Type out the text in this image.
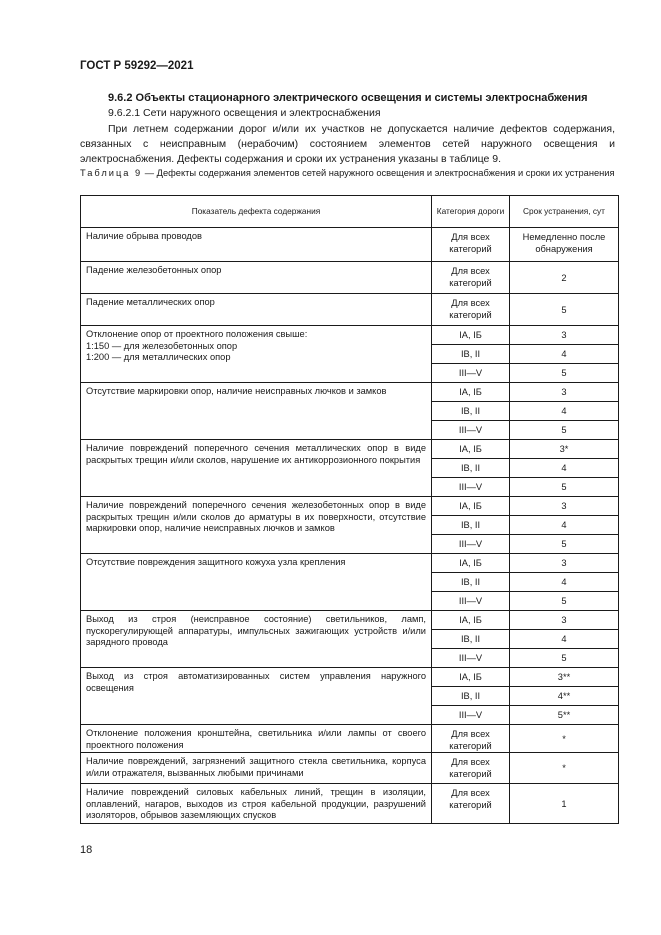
ГОСТ Р 59292—2021
9.6.2 Объекты стационарного электрического освещения и системы электроснабжения
9.6.2.1 Сети наружного освещения и электроснабжения

При летнем содержании дорог и/или их участков не допускается наличие дефектов содержания, связанных с неисправным (нерабочим) состоянием элементов сетей наружного освещения и электроснабжения. Дефекты содержания и сроки их устранения указаны в таблице 9.

Таблица 9 — Дефекты содержания элементов сетей наружного освещения и электроснабжения и сроки их устранения

Показатель дефекта содержания	Категория дороги	Срок устранения, сут
Наличие обрыва проводов	Для всех категорий	Немедленно после обнаружения
Падение железобетонных опор	Для всех категорий	2
Падение металлических опор	Для всех категорий	5
Отклонение опор от проектного положения свыше:
1:150 — для железобетонных опор
1:200 — для металлических опор	IA, IБ	3
	IB, II	4
	III—V	5
Отсутствие маркировки опор, наличие неисправных лючков и замков	IA, IБ	3
	IB, II	4
	III—V	5
Наличие повреждений поперечного сечения металлических опор в виде раскрытых трещин и/или сколов, нарушение их антикоррозионного покрытия	IA, IБ	3*
	IB, II	4
	III—V	5
Наличие повреждений поперечного сечения железобетонных опор в виде раскрытых трещин и/или сколов до арматуры в их поверхности, отсутствие маркировки опор, наличие неисправных лючков и замков	IA, IБ	3
	IB, II	4
	III—V	5
Отсутствие повреждения защитного кожуха узла крепления	IA, IБ	3
	IB, II	4
	III—V	5
Выход из строя (неисправное состояние) светильников, ламп, пускорегулирующей аппаратуры, импульсных зажигающих устройств и/или зарядного провода	IA, IБ	3
	IB, II	4
	III—V	5
Выход из строя автоматизированных систем управления наружного освещения	IA, IБ	3**
	IB, II	4**
	III—V	5**
Отклонение положения кронштейна, светильника и/или лампы от своего проектного положения	Для всех категорий	*
Наличие повреждений, загрязнений защитного стекла светильника, корпуса и/или отражателя, вызванных любыми причинами	Для всех категорий	*
Наличие повреждений силовых кабельных линий, трещин в изоляции, оплавлений, нагаров, выходов из строя кабельной продукции, разрушений изоляторов, обрывов заземляющих спусков	Для всех категорий	1
18
